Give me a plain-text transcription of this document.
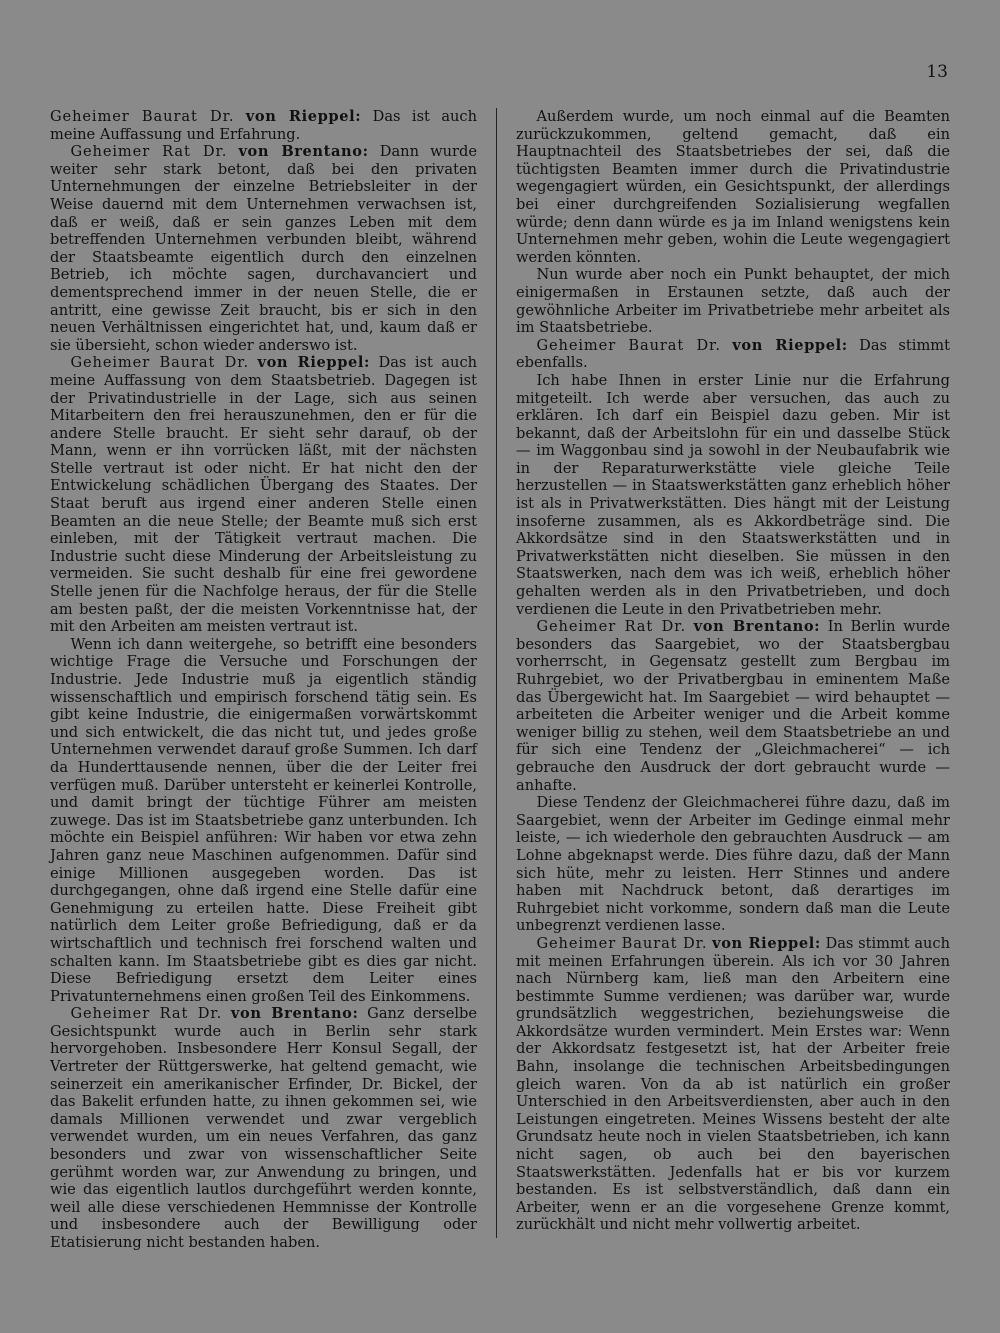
13

Geheimer Baurat Dr. von Rieppel: Das ist auch meine Auffassung und Erfahrung.

Geheimer Rat Dr. von Brentano: Dann wurde weiter sehr stark betont, daß bei den privaten Unternehmungen der einzelne Betriebsleiter in der Weise dauernd mit dem Unternehmen verwachsen ist, daß er weiß, daß er sein ganzes Leben mit dem betreffenden Unternehmen verbunden bleibt, während der Staatsbeamte eigentlich durch den einzelnen Betrieb, ich möchte sagen, durchavanciert und dementsprechend immer in der neuen Stelle, die er antritt, eine gewisse Zeit braucht, bis er sich in den neuen Verhältnissen eingerichtet hat, und, kaum daß er sie übersieht, schon wieder anderswo ist.

Geheimer Baurat Dr. von Rieppel: Das ist auch meine Auffassung von dem Staatsbetrieb. Dagegen ist der Privatindustrielle in der Lage, sich aus seinen Mitarbeitern den frei herauszunehmen, den er für die andere Stelle braucht. Er sieht sehr darauf, ob der Mann, wenn er ihn vorrücken läßt, mit der nächsten Stelle vertraut ist oder nicht. Er hat nicht den der Entwickelung schädlichen Übergang des Staates. Der Staat beruft aus irgend einer anderen Stelle einen Beamten an die neue Stelle; der Beamte muß sich erst einleben, mit der Tätigkeit vertraut machen. Die Industrie sucht diese Minderung der Arbeitsleistung zu vermeiden. Sie sucht deshalb für eine frei gewordene Stelle jenen für die Nachfolge heraus, der für die Stelle am besten paßt, der die meisten Vorkenntnisse hat, der mit den Arbeiten am meisten vertraut ist.

Wenn ich dann weitergehe, so betrifft eine besonders wichtige Frage die Versuche und Forschungen der Industrie. Jede Industrie muß ja eigentlich ständig wissenschaftlich und empirisch forschend tätig sein. Es gibt keine Industrie, die einigermaßen vorwärtskommt und sich entwickelt, die das nicht tut, und jedes große Unternehmen verwendet darauf große Summen. Ich darf da Hunderttausende nennen, über die der Leiter frei verfügen muß. Darüber untersteht er keinerlei Kontrolle, und damit bringt der tüchtige Führer am meisten zuwege. Das ist im Staatsbetriebe ganz unterbunden. Ich möchte ein Beispiel anführen: Wir haben vor etwa zehn Jahren ganz neue Maschinen aufgenommen. Dafür sind einige Millionen ausgegeben worden. Das ist durchgegangen, ohne daß irgend eine Stelle dafür eine Genehmigung zu erteilen hatte. Diese Freiheit gibt natürlich dem Leiter große Befriedigung, daß er da wirtschaftlich und technisch frei forschend walten und schalten kann. Im Staatsbetriebe gibt es dies gar nicht. Diese Befriedigung ersetzt dem Leiter eines Privatunternehmens einen großen Teil des Einkommens.

Geheimer Rat Dr. von Brentano: Ganz derselbe Gesichtspunkt wurde auch in Berlin sehr stark hervorgehoben. Insbesondere Herr Konsul Segall, der Vertreter der Rüttgerswerke, hat geltend gemacht, wie seinerzeit ein amerikanischer Erfinder, Dr. Bickel, der das Bakelit erfunden hatte, zu ihnen gekommen sei, wie damals Millionen verwendet und zwar vergeblich verwendet wurden, um ein neues Verfahren, das ganz besonders und zwar von wissenschaftlicher Seite gerühmt worden war, zur Anwendung zu bringen, und wie das eigentlich lautlos durchgeführt werden konnte, weil alle diese verschiedenen Hemmnisse der Kontrolle und insbesondere auch der Bewilligung oder Etatisierung nicht bestanden haben.

Außerdem wurde, um noch einmal auf die Beamten zurückzukommen, geltend gemacht, daß ein Hauptnachteil des Staatsbetriebes der sei, daß die tüchtigsten Beamten immer durch die Privatindustrie wegengagiert würden, ein Gesichtspunkt, der allerdings bei einer durchgreifenden Sozialisierung wegfallen würde; denn dann würde es ja im Inland wenigstens kein Unternehmen mehr geben, wohin die Leute wegengagiert werden könnten.

Nun wurde aber noch ein Punkt behauptet, der mich einigermaßen in Erstaunen setzte, daß auch der gewöhnliche Arbeiter im Privatbetriebe mehr arbeitet als im Staatsbetriebe.

Geheimer Baurat Dr. von Rieppel: Das stimmt ebenfalls.

Ich habe Ihnen in erster Linie nur die Erfahrung mitgeteilt. Ich werde aber versuchen, das auch zu erklären. Ich darf ein Beispiel dazu geben. Mir ist bekannt, daß der Arbeitslohn für ein und dasselbe Stück — im Waggonbau sind ja sowohl in der Neubaufabrik wie in der Reparaturwerkstätte viele gleiche Teile herzustellen — in Staatswerkstätten ganz erheblich höher ist als in Privatwerkstätten. Dies hängt mit der Leistung insoferne zusammen, als es Akkordbeträge sind. Die Akkordsätze sind in den Staatswerkstätten und in Privatwerkstätten nicht dieselben. Sie müssen in den Staatswerken, nach dem was ich weiß, erheblich höher gehalten werden als in den Privatbetrieben, und doch verdienen die Leute in den Privatbetrieben mehr.

Geheimer Rat Dr. von Brentano: In Berlin wurde besonders das Saargebiet, wo der Staatsbergbau vorherrscht, in Gegensatz gestellt zum Bergbau im Ruhrgebiet, wo der Privatbergbau in eminentem Maße das Übergewicht hat. Im Saargebiet — wird behauptet — arbeiteten die Arbeiter weniger und die Arbeit komme weniger billig zu stehen, weil dem Staatsbetriebe an und für sich eine Tendenz der „Gleichmacherei“ — ich gebrauche den Ausdruck der dort gebraucht wurde — anhafte.

Diese Tendenz der Gleichmacherei führe dazu, daß im Saargebiet, wenn der Arbeiter im Gedinge einmal mehr leiste, — ich wiederhole den gebrauchten Ausdruck — am Lohne abgeknapst werde. Dies führe dazu, daß der Mann sich hüte, mehr zu leisten. Herr Stinnes und andere haben mit Nachdruck betont, daß derartiges im Ruhrgebiet nicht vorkomme, sondern daß man die Leute unbegrenzt verdienen lasse.

Geheimer Baurat Dr. von Rieppel: Das stimmt auch mit meinen Erfahrungen überein. Als ich vor 30 Jahren nach Nürnberg kam, ließ man den Arbeitern eine bestimmte Summe verdienen; was darüber war, wurde grundsätzlich weggestrichen, beziehungsweise die Akkordsätze wurden vermindert. Mein Erstes war: Wenn der Akkordsatz festgesetzt ist, hat der Arbeiter freie Bahn, insolange die technischen Arbeitsbedingungen gleich waren. Von da ab ist natürlich ein großer Unterschied in den Arbeitsverdiensten, aber auch in den Leistungen eingetreten. Meines Wissens besteht der alte Grundsatz heute noch in vielen Staatsbetrieben, ich kann nicht sagen, ob auch bei den bayerischen Staatswerkstätten. Jedenfalls hat er bis vor kurzem bestanden. Es ist selbstverständlich, daß dann ein Arbeiter, wenn er an die vorgesehene Grenze kommt, zurückhält und nicht mehr vollwertig arbeitet.
